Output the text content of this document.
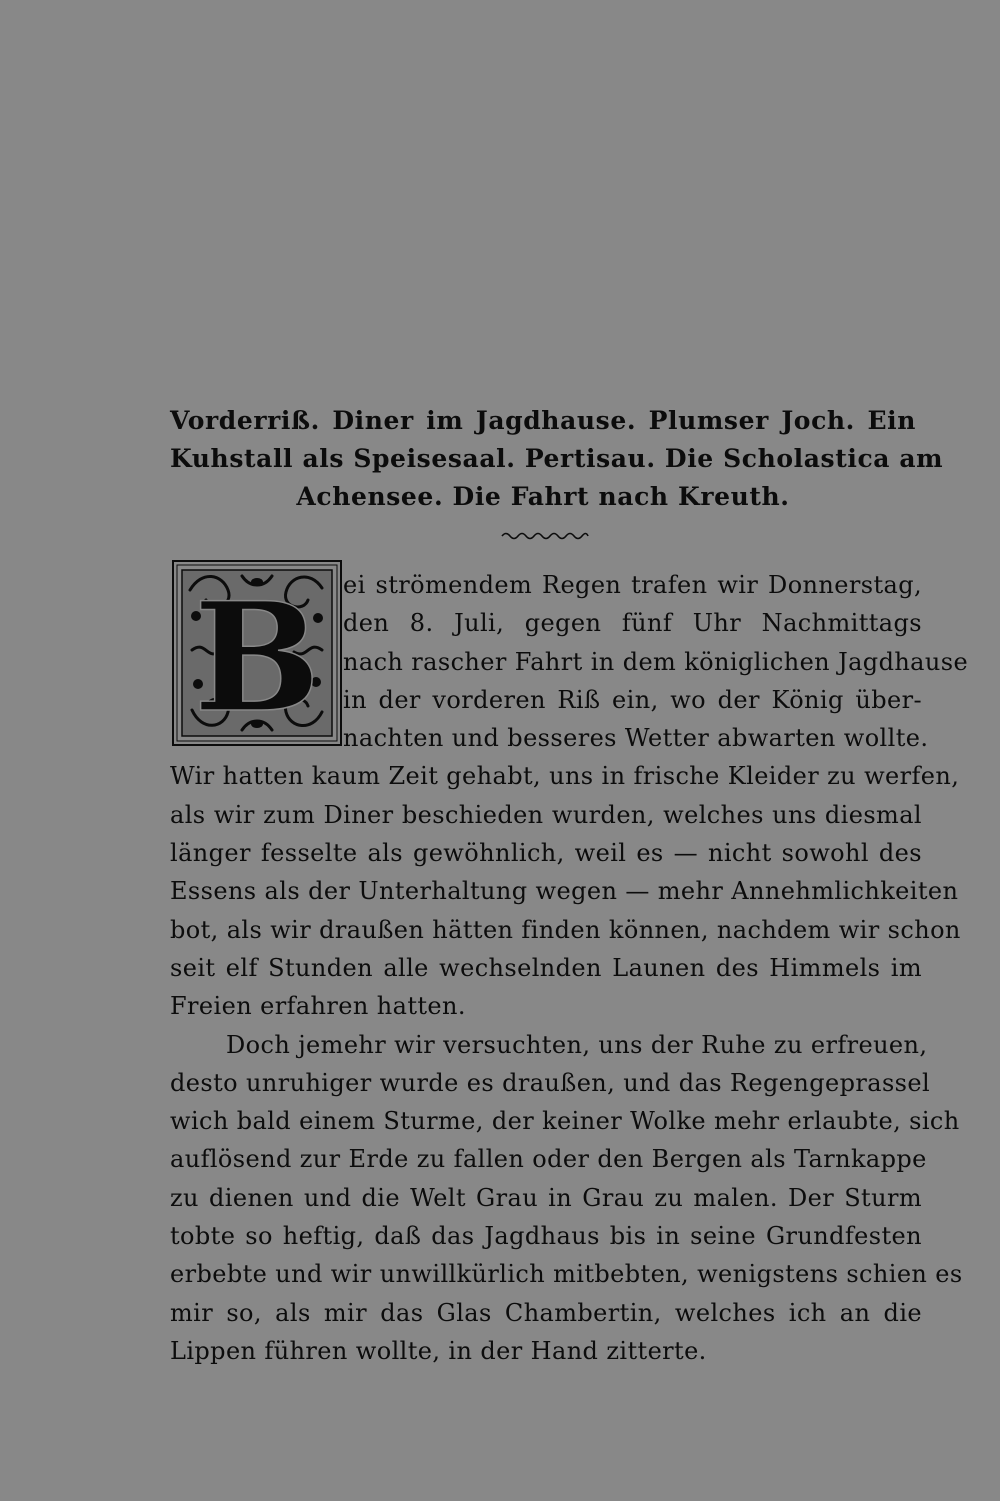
Vorderriß. Diner im Jagdhause. Plumser Joch. Ein
Kuhstall als Speisesaal. Pertisau. Die Scholastica am
Achensee. Die Fahrt nach Kreuth.
B ei strömendem Regen trafen wir Donnerstag,
den 8. Juli, gegen fünf Uhr Nachmittags
nach rascher Fahrt in dem königlichen Jagdhause
in der vorderen Riß ein, wo der König über-
nachten und besseres Wetter abwarten wollte.
Wir hatten kaum Zeit gehabt, uns in frische Kleider zu werfen,
als wir zum Diner beschieden wurden, welches uns diesmal
länger fesselte als gewöhnlich, weil es — nicht sowohl des
Essens als der Unterhaltung wegen — mehr Annehmlichkeiten
bot, als wir draußen hätten finden können, nachdem wir schon
seit elf Stunden alle wechselnden Launen des Himmels im
Freien erfahren hatten.
Doch jemehr wir versuchten, uns der Ruhe zu erfreuen,
desto unruhiger wurde es draußen, und das Regengeprassel
wich bald einem Sturme, der keiner Wolke mehr erlaubte, sich
auflösend zur Erde zu fallen oder den Bergen als Tarnkappe
zu dienen und die Welt Grau in Grau zu malen. Der Sturm
tobte so heftig, daß das Jagdhaus bis in seine Grundfesten
erbebte und wir unwillkürlich mitbebten, wenigstens schien es
mir so, als mir das Glas Chambertin, welches ich an die
Lippen führen wollte, in der Hand zitterte.
